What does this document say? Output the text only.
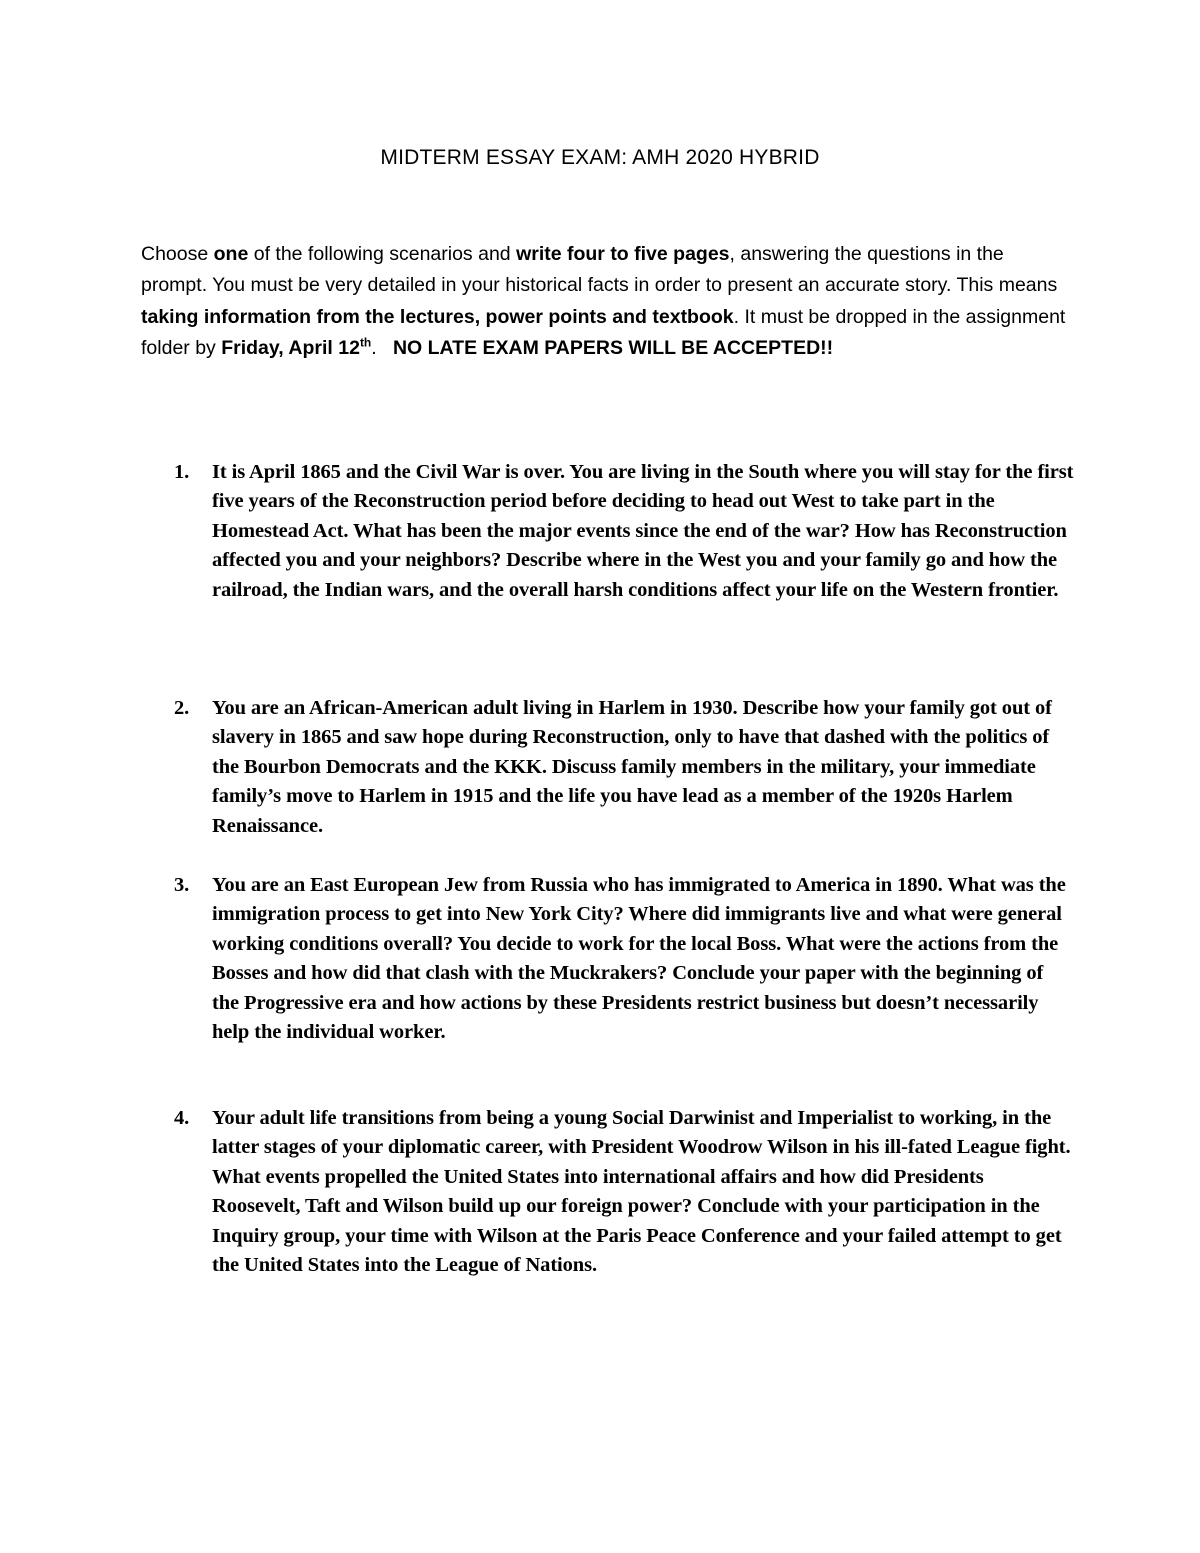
MIDTERM ESSAY EXAM: AMH 2020 HYBRID

Choose one of the following scenarios and write four to five pages, answering the questions in the prompt. You must be very detailed in your historical facts in order to present an accurate story. This means taking information from the lectures, power points and textbook. It must be dropped in the assignment folder by Friday, April 12th.   NO LATE EXAM PAPERS WILL BE ACCEPTED!!

1.	It is April 1865 and the Civil War is over. You are living in the South where you will stay for the first five years of the Reconstruction period before deciding to head out West to take part in the Homestead Act. What has been the major events since the end of the war? How has Reconstruction affected you and your neighbors? Describe where in the West you and your family go and how the railroad, the Indian wars, and the overall harsh conditions affect your life on the Western frontier.
2.	You are an African-American adult living in Harlem in 1930. Describe how your family got out of slavery in 1865 and saw hope during Reconstruction, only to have that dashed with the politics of the Bourbon Democrats and the KKK. Discuss family members in the military, your immediate family’s move to Harlem in 1915 and the life you have lead as a member of the 1920s Harlem Renaissance.
3.	You are an East European Jew from Russia who has immigrated to America in 1890. What was the immigration process to get into New York City? Where did immigrants live and what were general working conditions overall? You decide to work for the local Boss. What were the actions from the Bosses and how did that clash with the Muckrakers? Conclude your paper with the beginning of the Progressive era and how actions by these Presidents restrict business but doesn’t necessarily help the individual worker.
4.	Your adult life transitions from being a young Social Darwinist and Imperialist to working, in the latter stages of your diplomatic career, with President Woodrow Wilson in his ill-fated League fight. What events propelled the United States into international affairs and how did Presidents Roosevelt, Taft and Wilson build up our foreign power? Conclude with your participation in the Inquiry group, your time with Wilson at the Paris Peace Conference and your failed attempt to get the United States into the League of Nations.
